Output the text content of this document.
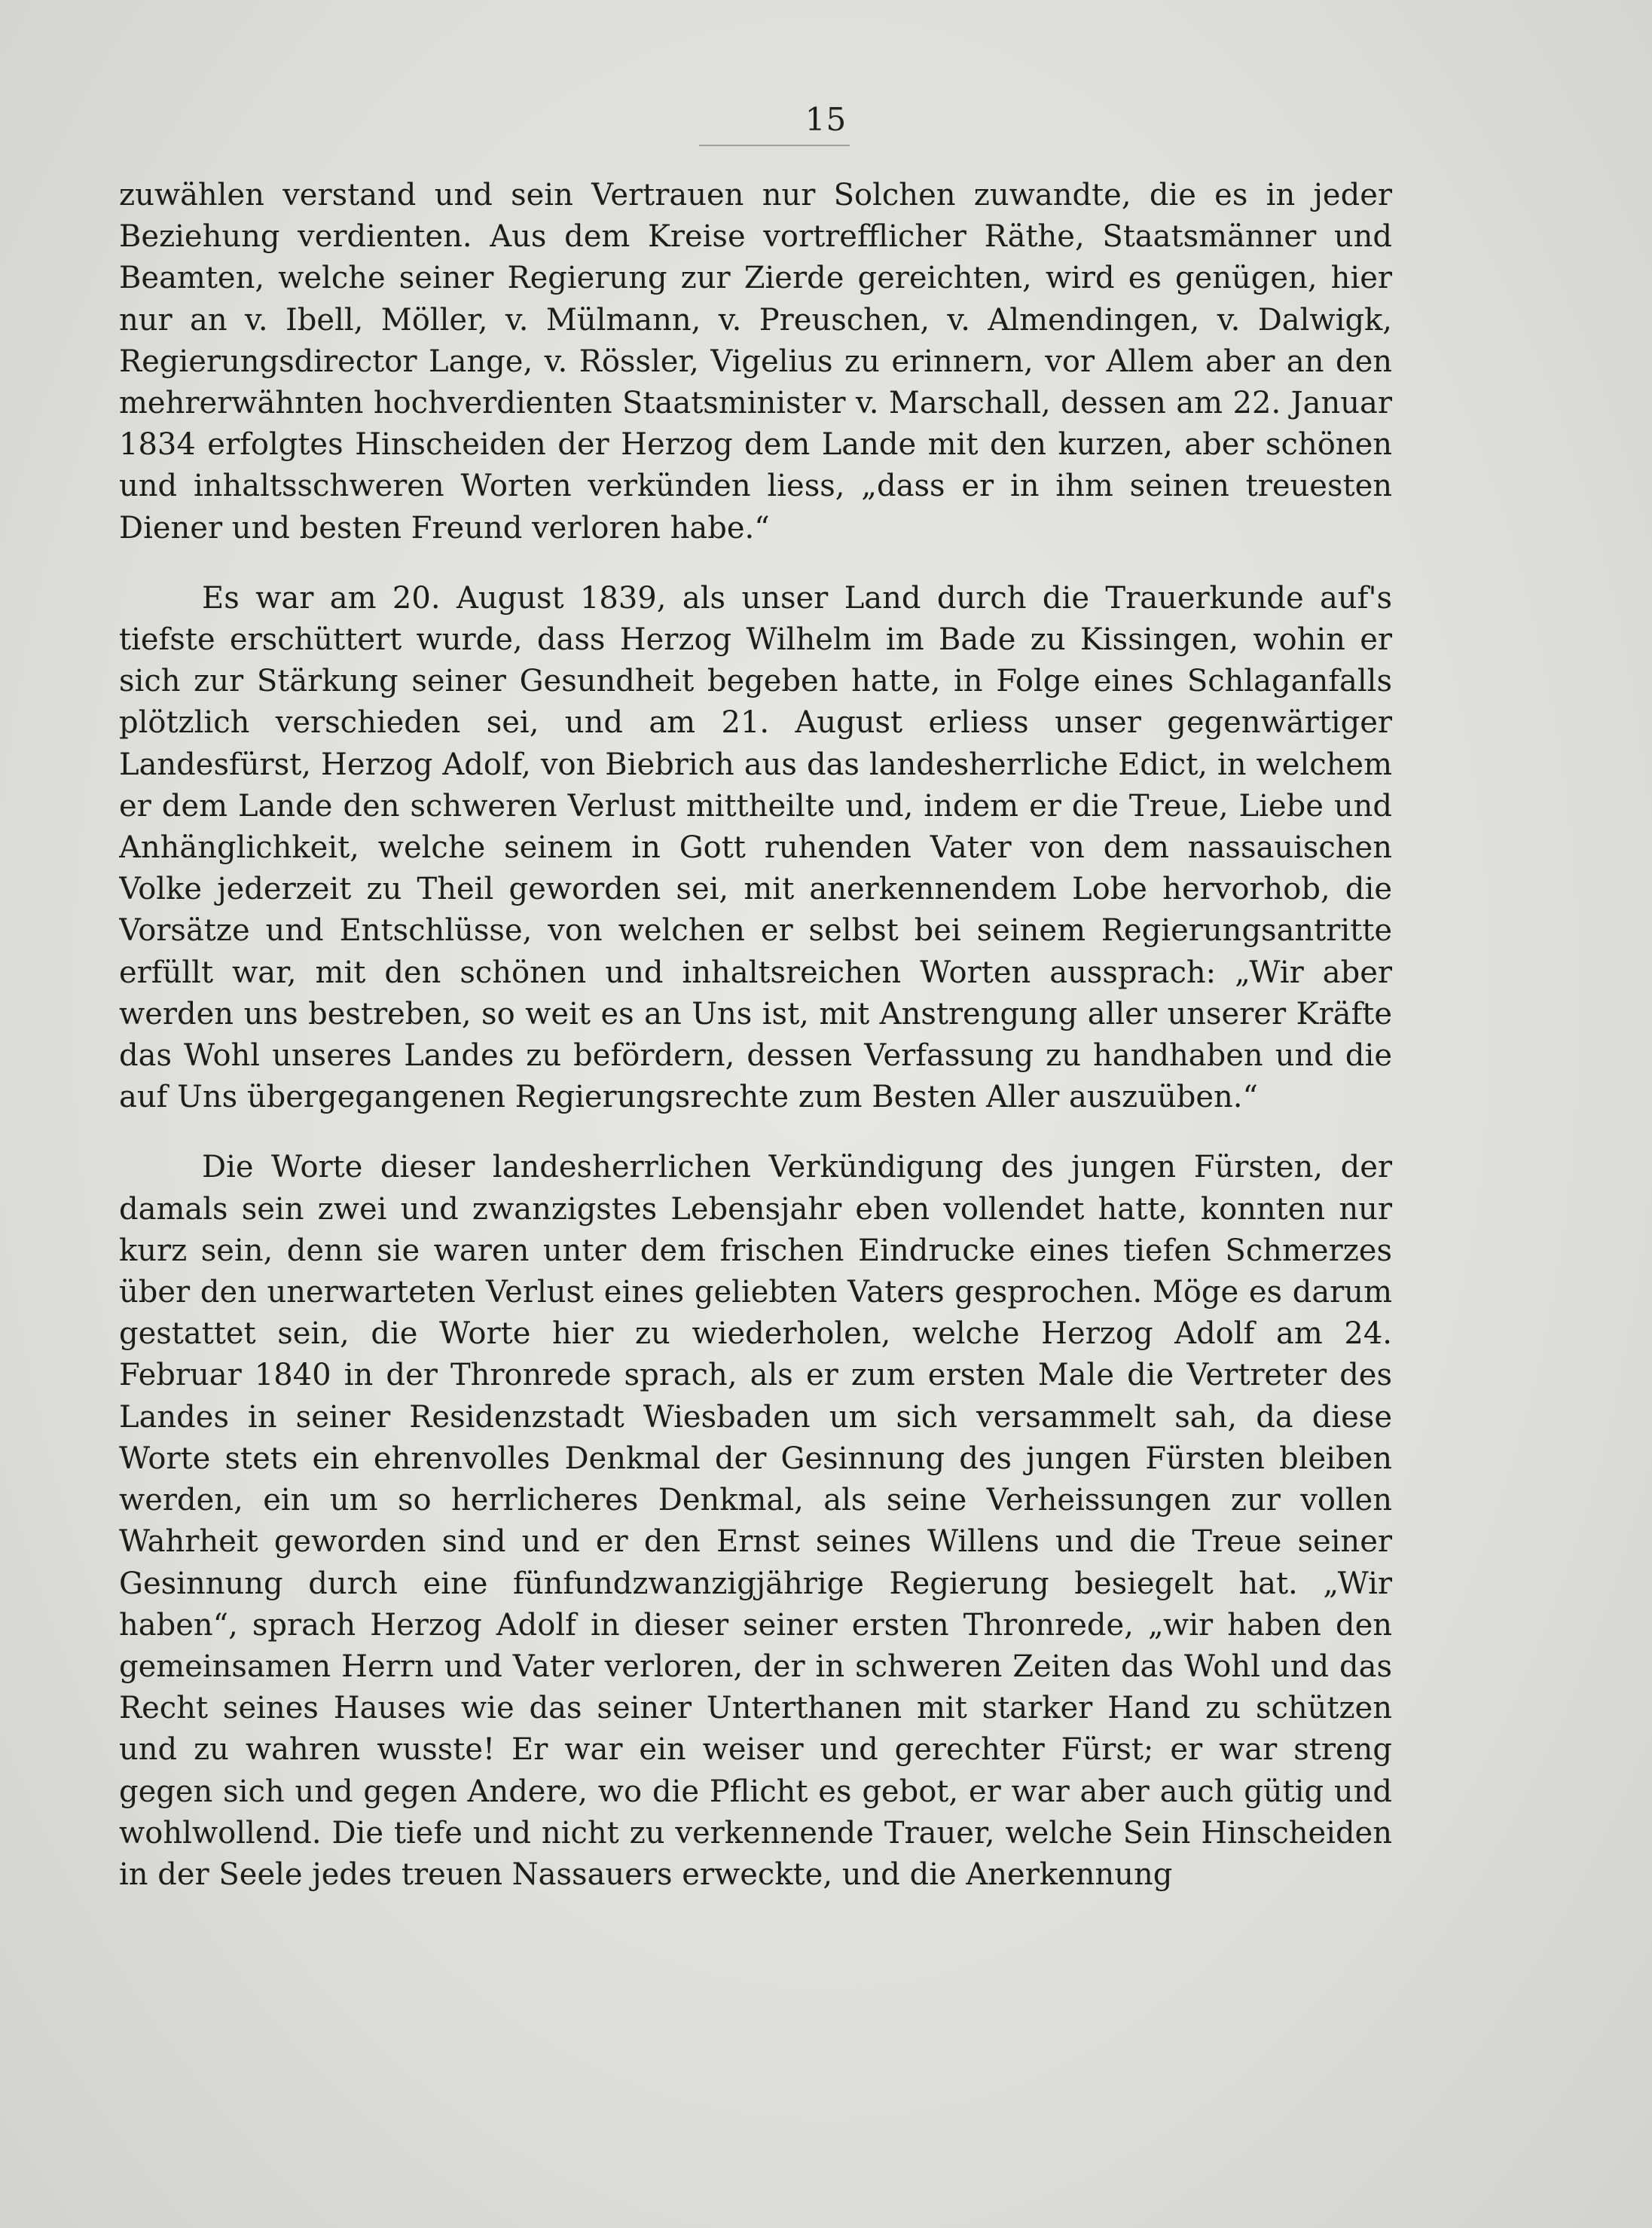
15

zuwählen verstand und sein Vertrauen nur Solchen zuwandte, die es in jeder Beziehung verdienten. Aus dem Kreise vortrefflicher Räthe, Staatsmänner und Beamten, welche seiner Regierung zur Zierde gereichten, wird es genügen, hier nur an v. Ibell, Möller, v. Mülmann, v. Preuschen, v. Almendingen, v. Dalwigk, Regierungsdirector Lange, v. Rössler, Vigelius zu erinnern, vor Allem aber an den mehrerwähnten hochverdienten Staatsminister v. Marschall, dessen am 22. Januar 1834 erfolgtes Hinscheiden der Herzog dem Lande mit den kurzen, aber schönen und inhaltsschweren Worten verkünden liess, „dass er in ihm seinen treuesten Diener und besten Freund verloren habe.“

Es war am 20. August 1839, als unser Land durch die Trauerkunde auf's tiefste erschüttert wurde, dass Herzog Wilhelm im Bade zu Kissingen, wohin er sich zur Stärkung seiner Gesundheit begeben hatte, in Folge eines Schlaganfalls plötzlich verschieden sei, und am 21. August erliess unser gegenwärtiger Landesfürst, Herzog Adolf, von Biebrich aus das landesherrliche Edict, in welchem er dem Lande den schweren Verlust mittheilte und, indem er die Treue, Liebe und Anhänglichkeit, welche seinem in Gott ruhenden Vater von dem nassauischen Volke jederzeit zu Theil geworden sei, mit anerkennendem Lobe hervorhob, die Vorsätze und Entschlüsse, von welchen er selbst bei seinem Regierungsantritte erfüllt war, mit den schönen und inhaltsreichen Worten aussprach: „Wir aber werden uns bestreben, so weit es an Uns ist, mit Anstrengung aller unserer Kräfte das Wohl unseres Landes zu befördern, dessen Verfassung zu handhaben und die auf Uns übergegangenen Regierungsrechte zum Besten Aller auszuüben.“

Die Worte dieser landesherrlichen Verkündigung des jungen Fürsten, der damals sein zwei und zwanzigstes Lebensjahr eben vollendet hatte, konnten nur kurz sein, denn sie waren unter dem frischen Eindrucke eines tiefen Schmerzes über den unerwarteten Verlust eines geliebten Vaters gesprochen. Möge es darum gestattet sein, die Worte hier zu wiederholen, welche Herzog Adolf am 24. Februar 1840 in der Thronrede sprach, als er zum ersten Male die Vertreter des Landes in seiner Residenzstadt Wiesbaden um sich versammelt sah, da diese Worte stets ein ehrenvolles Denkmal der Gesinnung des jungen Fürsten bleiben werden, ein um so herrlicheres Denkmal, als seine Verheissungen zur vollen Wahrheit geworden sind und er den Ernst seines Willens und die Treue seiner Gesinnung durch eine fünfundzwanzigjährige Regierung besiegelt hat. „Wir haben“, sprach Herzog Adolf in dieser seiner ersten Thronrede, „wir haben den gemeinsamen Herrn und Vater verloren, der in schweren Zeiten das Wohl und das Recht seines Hauses wie das seiner Unterthanen mit starker Hand zu schützen und zu wahren wusste! Er war ein weiser und gerechter Fürst; er war streng gegen sich und gegen Andere, wo die Pflicht es gebot, er war aber auch gütig und wohlwollend. Die tiefe und nicht zu verkennende Trauer, welche Sein Hinscheiden in der Seele jedes treuen Nassauers erweckte, und die Anerkennung
